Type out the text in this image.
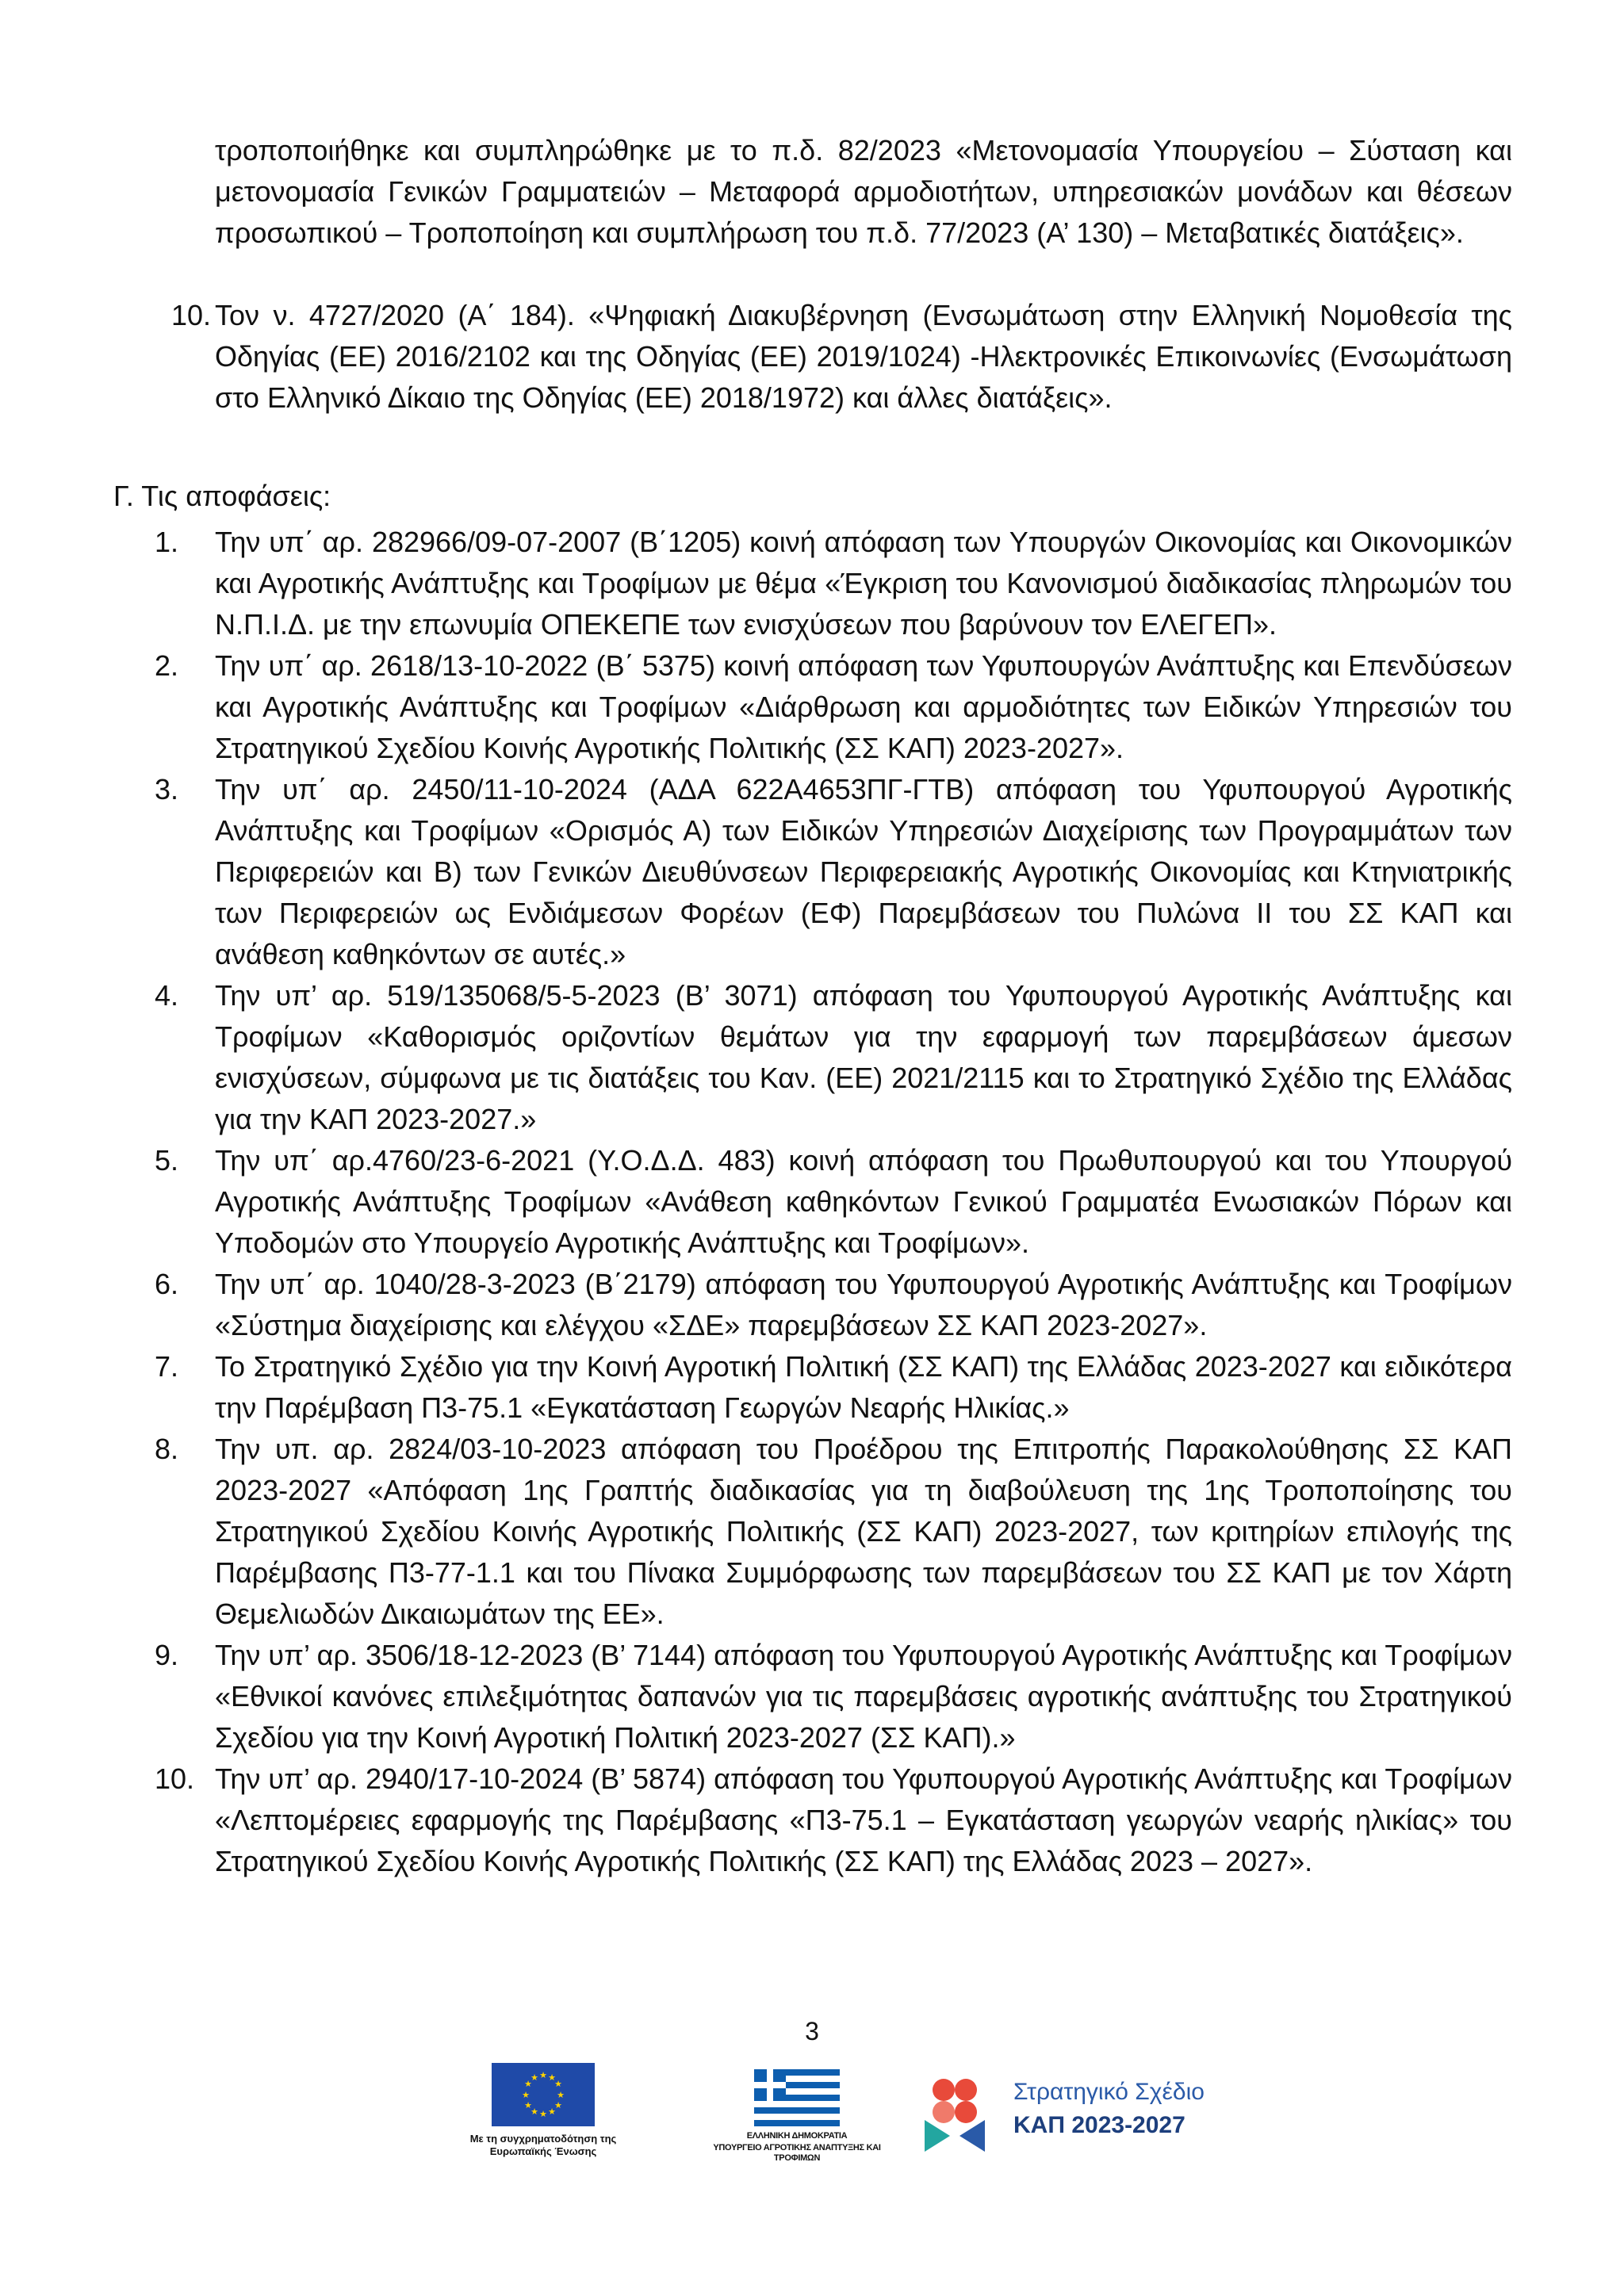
τροποποιήθηκε και συμπληρώθηκε με το π.δ. 82/2023 «Μετονομασία Υπουργείου – Σύσταση και μετονομασία Γενικών Γραμματειών – Μεταφορά αρμοδιοτήτων, υπηρεσιακών μονάδων και θέσεων προσωπικού – Τροποποίηση και συμπλήρωση του π.δ. 77/2023 (Α’ 130) – Μεταβατικές διατάξεις».

10. Τον ν. 4727/2020 (Α΄ 184). «Ψηφιακή Διακυβέρνηση (Ενσωμάτωση στην Ελληνική Νομοθεσία της Οδηγίας (ΕΕ) 2016/2102 και της Οδηγίας (ΕΕ) 2019/1024) -Ηλεκτρονικές Επικοινωνίες (Ενσωμάτωση στο Ελληνικό Δίκαιο της Οδηγίας (ΕΕ) 2018/1972) και άλλες διατάξεις».
Γ. Τις αποφάσεις:
1.	Την υπ΄ αρ. 282966/09-07-2007 (Β΄1205) κοινή απόφαση των Υπουργών Οικονομίας και Οικονομικών και Αγροτικής Ανάπτυξης και Τροφίμων με θέμα «Έγκριση του Κανονισμού διαδικασίας πληρωμών του Ν.Π.Ι.Δ. με την επωνυμία ΟΠΕΚΕΠΕ των ενισχύσεων που βαρύνουν τον ΕΛΕΓΕΠ».
2.	Την υπ΄ αρ. 2618/13-10-2022 (Β΄ 5375) κοινή απόφαση των Υφυπουργών Ανάπτυξης και Επενδύσεων και Αγροτικής Ανάπτυξης και Τροφίμων «Διάρθρωση και αρμοδιότητες των Ειδικών Υπηρεσιών του Στρατηγικού Σχεδίου Κοινής Αγροτικής Πολιτικής (ΣΣ ΚΑΠ) 2023-2027».
3.	Την υπ΄ αρ. 2450/11-10-2024 (ΑΔΑ 622Α4653ΠΓ-ΓΤΒ) απόφαση του Υφυπουργού Αγροτικής Ανάπτυξης και Τροφίμων «Ορισμός Α) των Ειδικών Υπηρεσιών Διαχείρισης των Προγραμμάτων των Περιφερειών και Β) των Γενικών Διευθύνσεων Περιφερειακής Αγροτικής Οικονομίας και Κτηνιατρικής των Περιφερειών ως Ενδιάμεσων Φορέων (ΕΦ) Παρεμβάσεων του Πυλώνα ΙΙ του ΣΣ ΚΑΠ και ανάθεση καθηκόντων σε αυτές.»
4.	Την υπ’ αρ. 519/135068/5-5-2023 (Β’ 3071) απόφαση του Υφυπουργού Αγροτικής Ανάπτυξης και Τροφίμων «Καθορισμός οριζοντίων θεμάτων για την εφαρμογή των παρεμβάσεων άμεσων ενισχύσεων, σύμφωνα με τις διατάξεις του Καν. (ΕΕ) 2021/2115 και το Στρατηγικό Σχέδιο της Ελλάδας για την ΚΑΠ 2023-2027.»
5.	Την υπ΄ αρ.4760/23-6-2021 (Υ.Ο.Δ.Δ. 483) κοινή απόφαση του Πρωθυπουργού και του Υπουργού Αγροτικής Ανάπτυξης Τροφίμων «Ανάθεση καθηκόντων Γενικού Γραμματέα Ενωσιακών Πόρων και Υποδομών στο Υπουργείο Αγροτικής Ανάπτυξης και Τροφίμων».
6.	Την υπ΄ αρ. 1040/28-3-2023 (Β΄2179) απόφαση του Υφυπουργού Αγροτικής Ανάπτυξης και Τροφίμων «Σύστημα διαχείρισης και ελέγχου «ΣΔΕ» παρεμβάσεων ΣΣ ΚΑΠ 2023-2027».
7.	Το Στρατηγικό Σχέδιο για την Κοινή Αγροτική Πολιτική (ΣΣ ΚΑΠ) της Ελλάδας 2023-2027 και ειδικότερα την Παρέμβαση Π3-75.1 «Εγκατάσταση Γεωργών Νεαρής Ηλικίας.»
8.	Την υπ. αρ. 2824/03-10-2023 απόφαση του Προέδρου της Επιτροπής Παρακολούθησης ΣΣ ΚΑΠ 2023-2027 «Απόφαση 1ης Γραπτής διαδικασίας για τη διαβούλευση της 1ης Τροποποίησης του Στρατηγικού Σχεδίου Κοινής Αγροτικής Πολιτικής (ΣΣ ΚΑΠ) 2023-2027, των κριτηρίων επιλογής της Παρέμβασης Π3-77-1.1 και του Πίνακα Συμμόρφωσης των παρεμβάσεων του ΣΣ ΚΑΠ με τον Χάρτη Θεμελιωδών Δικαιωμάτων της ΕΕ».
9.	Την υπ’ αρ. 3506/18-12-2023 (Β’ 7144) απόφαση του Υφυπουργού Αγροτικής Ανάπτυξης και Τροφίμων «Εθνικοί κανόνες επιλεξιμότητας δαπανών για τις παρεμβάσεις αγροτικής ανάπτυξης του Στρατηγικού Σχεδίου για την Κοινή Αγροτική Πολιτική 2023-2027 (ΣΣ ΚΑΠ).»
10. Την υπ’ αρ. 2940/17-10-2024 (Β’ 5874) απόφαση του Υφυπουργού Αγροτικής Ανάπτυξης και Τροφίμων «Λεπτομέρειες εφαρμογής της Παρέμβασης «Π3-75.1 – Εγκατάσταση γεωργών νεαρής ηλικίας» του Στρατηγικού Σχεδίου Κοινής Αγροτικής Πολιτικής (ΣΣ ΚΑΠ) της Ελλάδας 2023 – 2027».
3
★ ★
★
★
★
★
★
★
★
★
★
★
Με τη συγχρηματοδότηση της Ευρωπαϊκής Ένωσης
ΕΛΛΗΝΙΚΗ ΔΗΜΟΚΡΑΤΙΑ
ΥΠΟΥΡΓΕΙΟ ΑΓΡΟΤΙΚΗΣ ΑΝΑΠΤΥΞΗΣ ΚΑΙ ΤΡΟΦΙΜΩΝ
Στρατηγικό Σχέδιο
ΚΑΠ 2023-2027
